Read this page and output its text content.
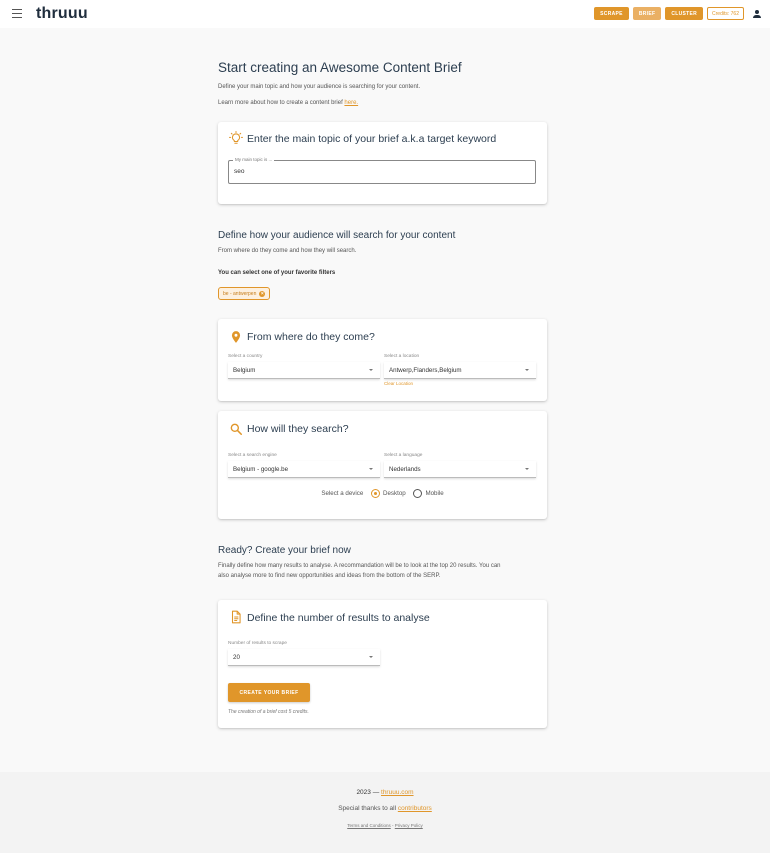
thruuu	SCRAPE	BRIEF	CLUSTER	Credits: 762
Start creating an Awesome Content Brief
Define your main topic and how your audience is searching for your content.
Learn more about how to create a content brief here.
Enter the main topic of your brief a.k.a target keyword
My main topic is ...
seo
Define how your audience will search for your content
From where do they come and how they will search.
You can select one of your favorite filters
be - antwerpen ×
From where do they come?
Select a country
Belgium
Select a location
Antwerp,Flanders,Belgium
Clear Location
How will they search?
Select a search engine
Belgium - google.be
Select a language
Nederlands
Select a device	Desktop
	Mobile
Ready? Create your brief now
Finally define how many results to analyse. A recommandation will be to look at the top 20 results. You can
also analyse more to find new opportunities and ideas from the bottom of the SERP.
Define the number of results to analyse
Number of results to scrape
20
CREATE YOUR BRIEF
The creation of a brief cost 5 credits.
2023 — thruuu.com
Special thanks to all contributors
Terms and Conditions - Privacy Policy
